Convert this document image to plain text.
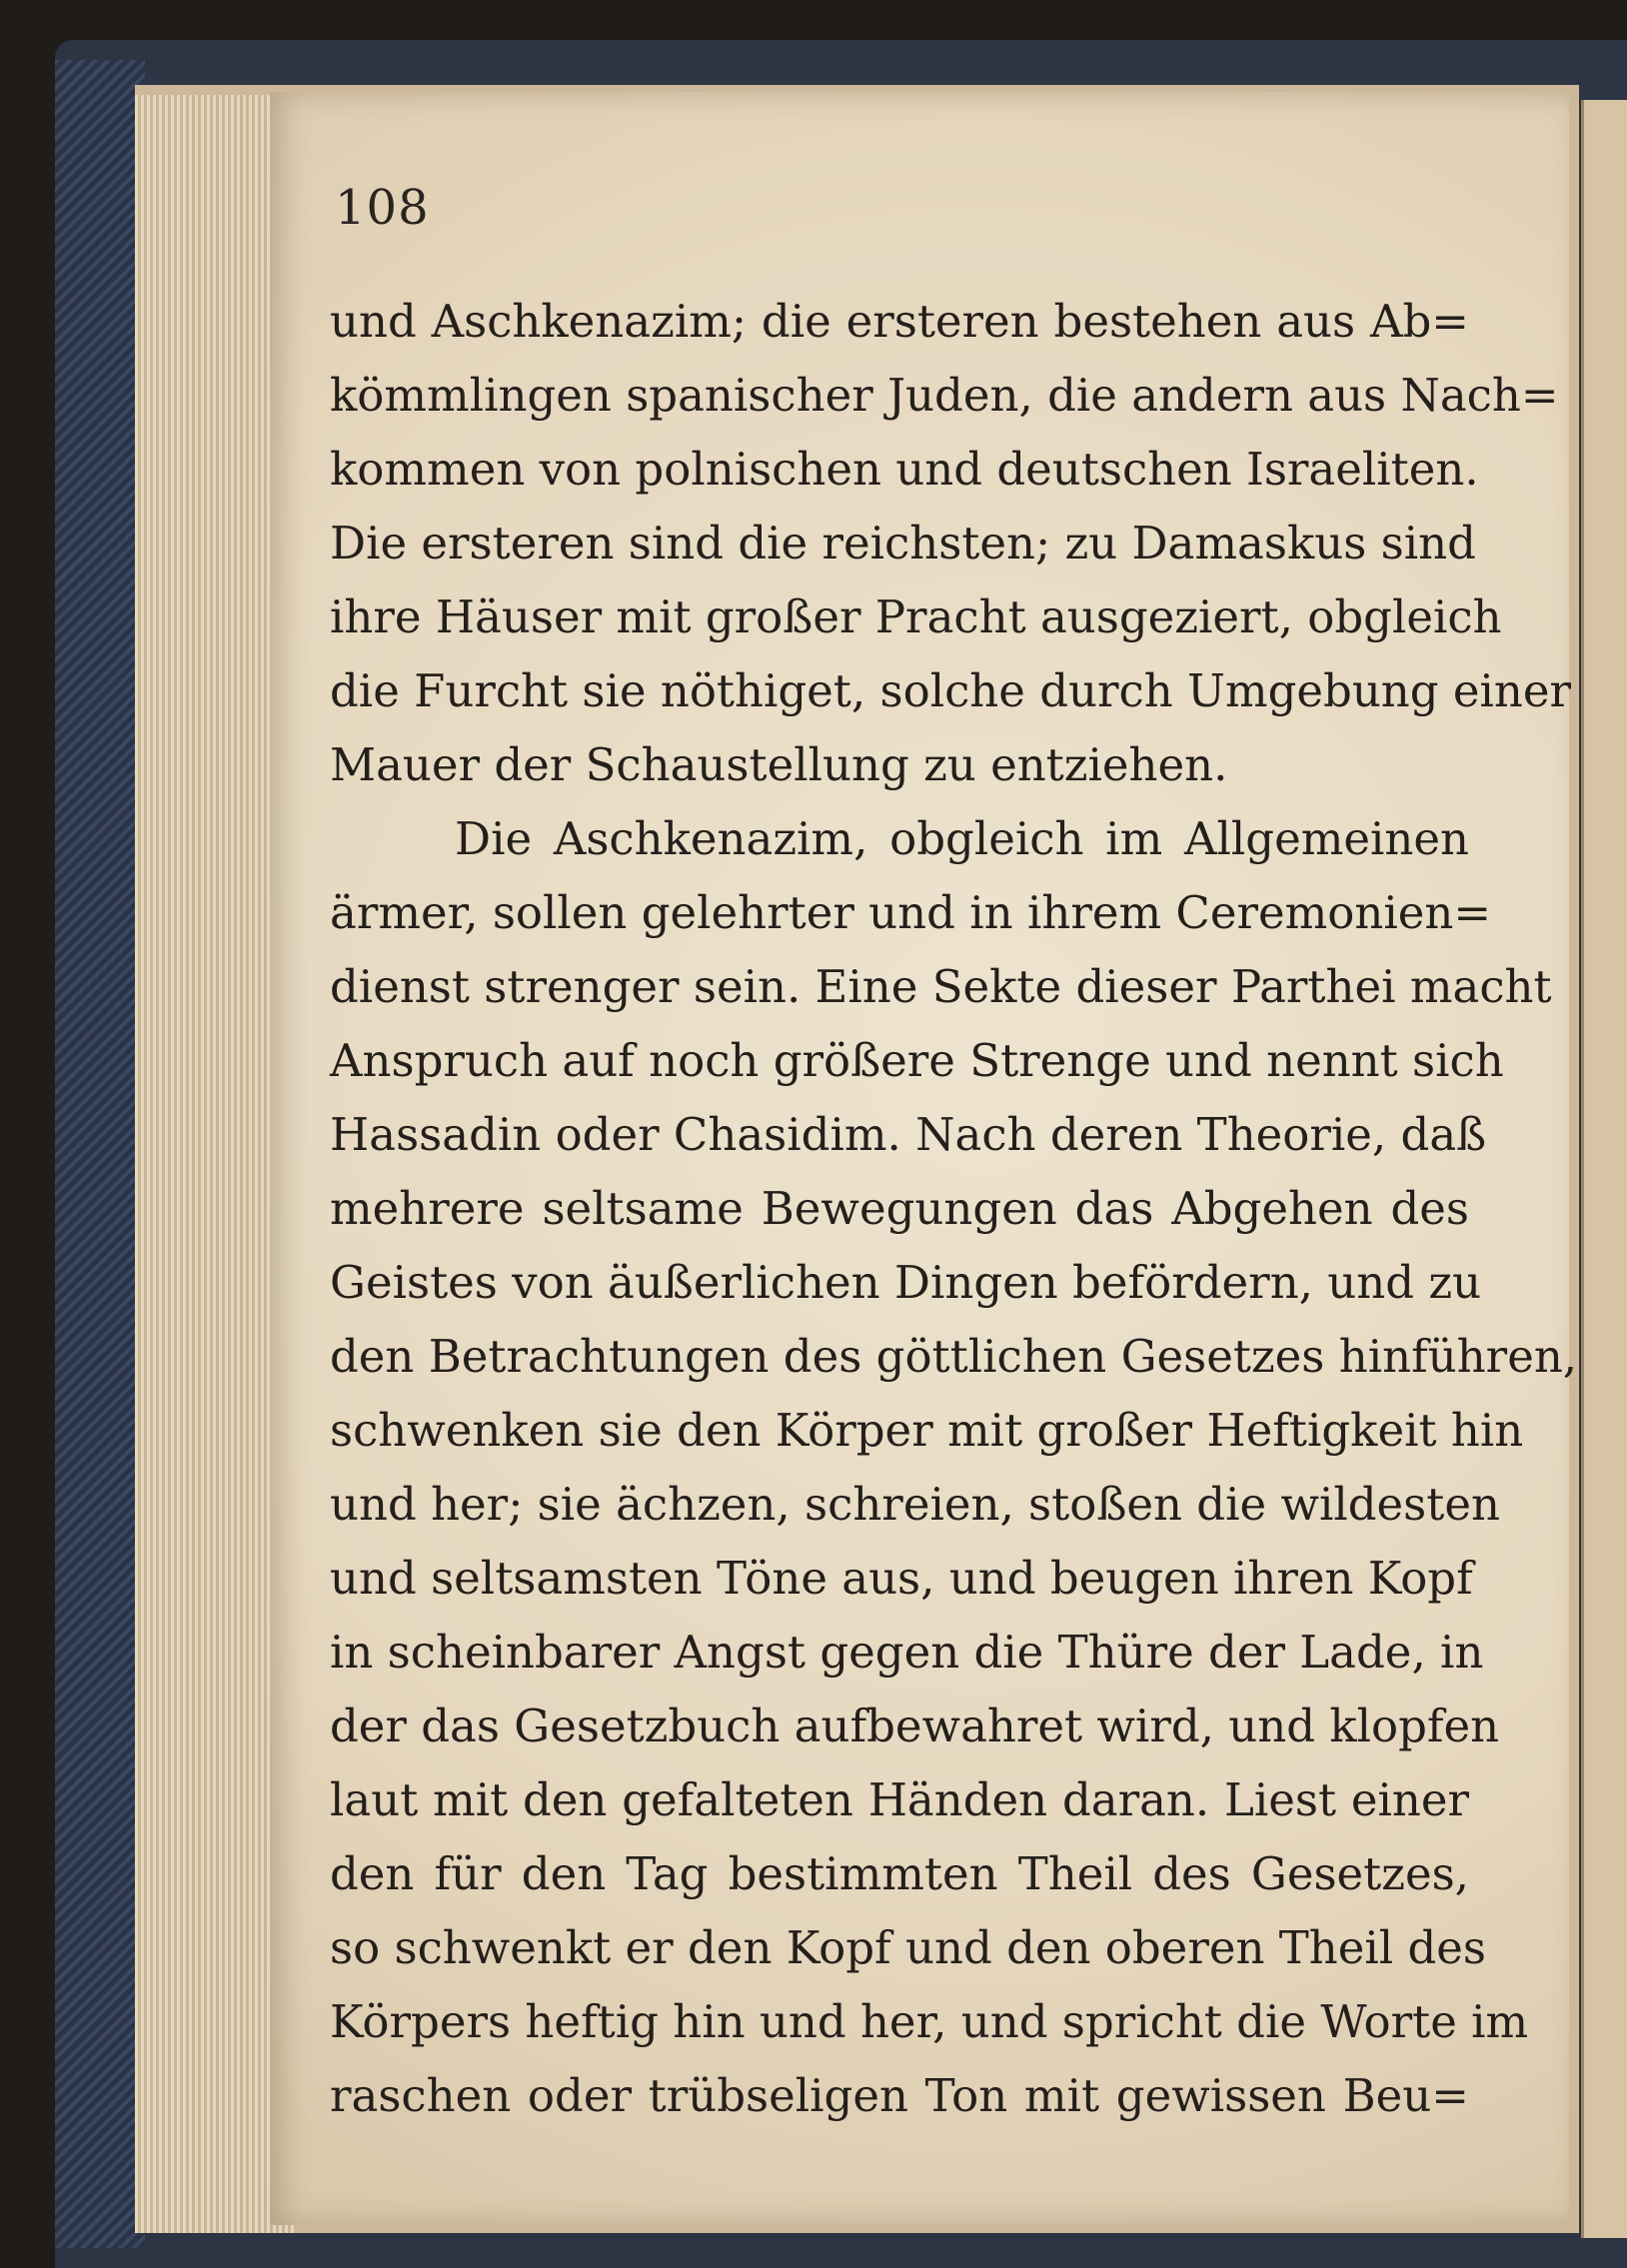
108
und Aschkenazim; die ersteren bestehen aus Ab=
kömmlingen spanischer Juden, die andern aus Nach=
kommen von polnischen und deutschen Israeliten.
Die ersteren sind die reichsten; zu Damaskus sind
ihre Häuser mit großer Pracht ausgeziert, obgleich
die Furcht sie nöthiget, solche durch Umgebung einer
Mauer der Schaustellung zu entziehen.
Die Aschkenazim, obgleich im Allgemeinen
ärmer, sollen gelehrter und in ihrem Ceremonien=
dienst strenger sein. Eine Sekte dieser Parthei macht
Anspruch auf noch größere Strenge und nennt sich
Hassadin oder Chasidim. Nach deren Theorie, daß
mehrere seltsame Bewegungen das Abgehen des
Geistes von äußerlichen Dingen befördern, und zu
den Betrachtungen des göttlichen Gesetzes hinführen,
schwenken sie den Körper mit großer Heftigkeit hin
und her; sie ächzen, schreien, stoßen die wildesten
und seltsamsten Töne aus, und beugen ihren Kopf
in scheinbarer Angst gegen die Thüre der Lade, in
der das Gesetzbuch aufbewahret wird, und klopfen
laut mit den gefalteten Händen daran. Liest einer
den für den Tag bestimmten Theil des Gesetzes,
so schwenkt er den Kopf und den oberen Theil des
Körpers heftig hin und her, und spricht die Worte im
raschen oder trübseligen Ton mit gewissen Beu=
